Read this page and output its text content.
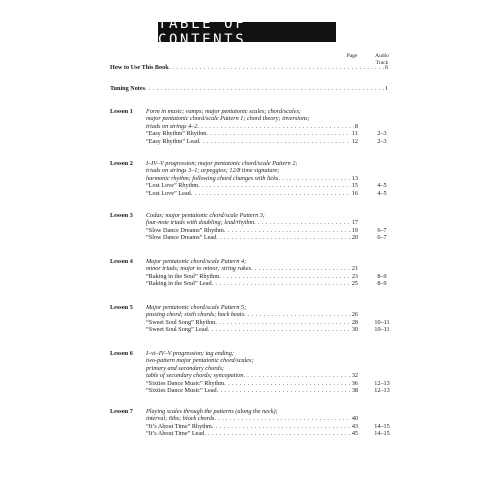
TABLE OF CONTENTS
Page	Audio Track
How to Use This Book . . .	6
Tuning Notes . . .	1
Lesson 1 Form in music; vamps; major pentatonic scales; chord/scales;
major pentatonic chord/scale Pattern 1; chord theory; inversions;
triads on strings 4–2 . . .	8
“Easy Rhythm” Rhythm . . .	11	2–3
“Easy Rhythm” Lead . . .	12	2–3
Lesson 2 I–IV–V progression; major pentatonic chord/scale Pattern 2;
triads on strings 3–1; arpeggios; 12/8 time signature;
harmonic rhythm; following chord changes with licks . . .	13
“Lost Love” Rhythm . . .	15	4–5
“Lost Love” Lead . . .	16	4–5
Lesson 3 Codas; major pentatonic chord/scale Pattern 3;
four-note triads with doubling; lead/rhythm . . .	17
“Slow Dance Dreams” Rhythm . . .	19	6–7
“Slow Dance Dreams” Lead . . .	20	6–7
Lesson 4 Major pentatonic chord/scale Pattern 4;
minor triads; major to minor; string rakes . . .	21
“Raking in the Soul” Rhythm . . .	23	8–9
“Raking in the Soul” Lead . . .	25	8–9
Lesson 5 Major pentatonic chord/scale Pattern 5;
passing chord; sixth chords; back beats . . .	26
“Sweet Soul Song” Rhythm . . .	28	10–11
“Sweet Soul Song” Lead . . .	30	10–11
Lesson 6 I–vi–IV–V progression; tag ending;
two-pattern major pentatonic chord/scales;
primary and secondary chords;
table of secondary chords; syncopation . . .	32
“Sixties Dance Music” Rhythm . . .	36	12–13
“Sixties Dance Music” Lead . . .	38	12–13
Lesson 7 Playing scales through the patterns (along the neck);
interval; 6ths; block chords . . .	40
“It’s About Time” Rhythm . . .	43	14–15
“It’s About Time” Lead . . .	45	14–15
